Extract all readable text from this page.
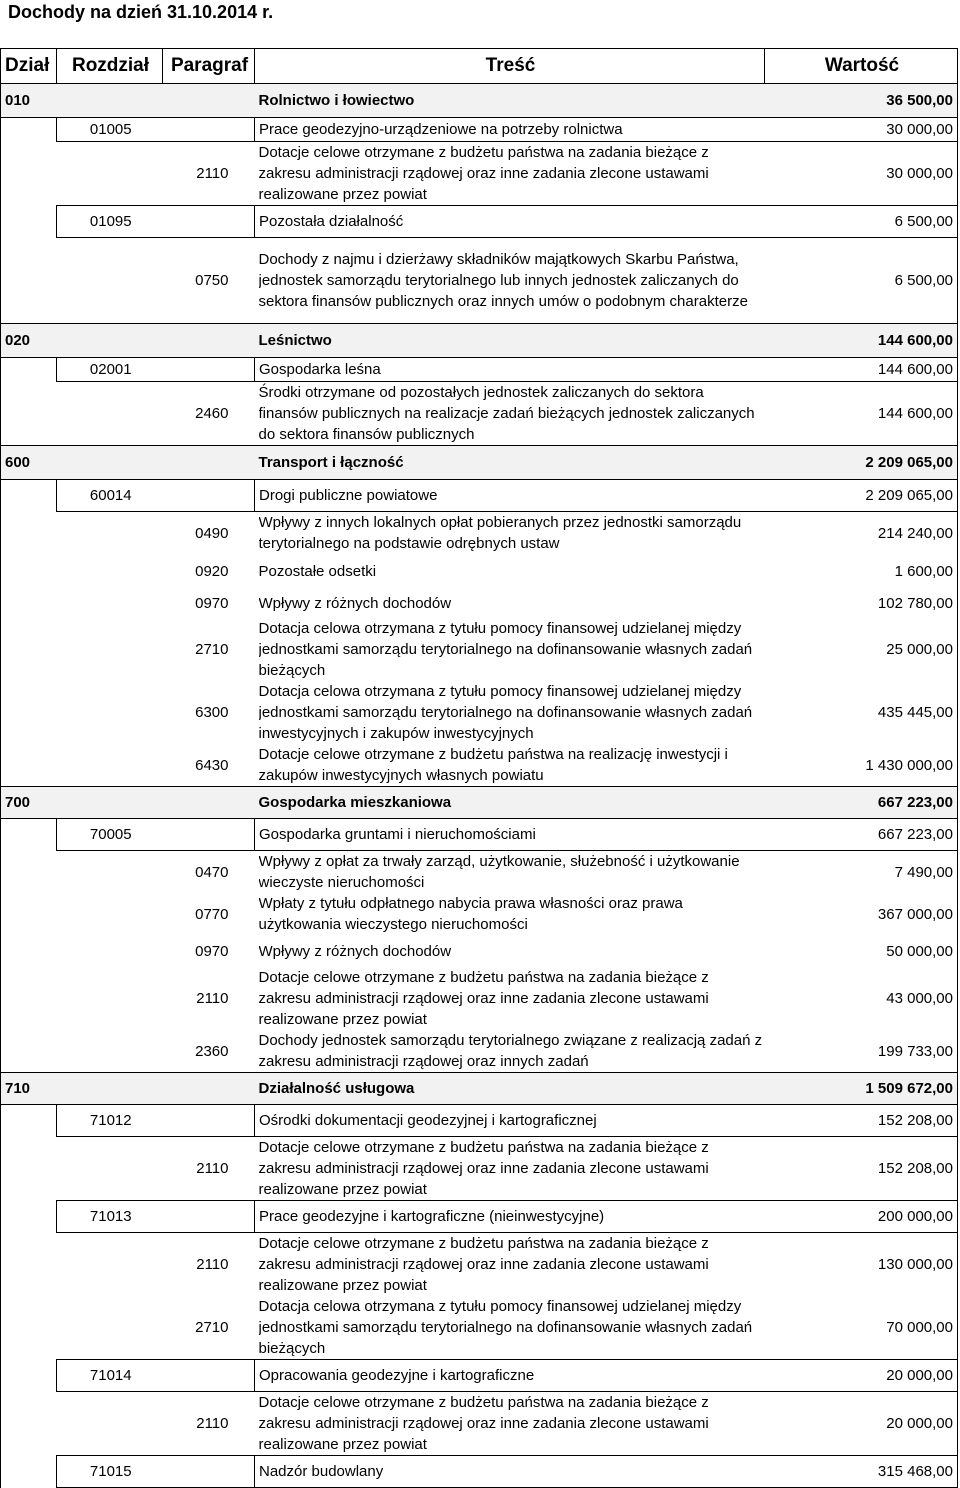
Dochody na dzień 31.10.2014 r.
Dział	Rozdział	Paragraf	Treść	Wartość
010			Rolnictwo i łowiectwo	36 500,00
	01005		Prace geodezyjno-urządzeniowe na potrzeby rolnictwa	30 000,00
		2110	Dotacje celowe otrzymane z budżetu państwa na zadania bieżące z zakresu administracji rządowej oraz inne zadania zlecone ustawami realizowane przez powiat	30 000,00
	01095		Pozostała działalność	6 500,00
		0750	Dochody z najmu i dzierżawy składników majątkowych Skarbu Państwa, jednostek samorządu terytorialnego lub innych jednostek zaliczanych do sektora finansów publicznych oraz innych umów o podobnym charakterze	6 500,00
020			Leśnictwo	144 600,00
	02001		Gospodarka leśna	144 600,00
		2460	Środki otrzymane od pozostałych jednostek zaliczanych do sektora finansów publicznych na realizacje zadań bieżących jednostek zaliczanych do sektora finansów publicznych	144 600,00
600			Transport i łączność	2 209 065,00
	60014		Drogi publiczne powiatowe	2 209 065,00
		0490	Wpływy z innych lokalnych opłat pobieranych przez jednostki samorządu terytorialnego na podstawie odrębnych ustaw	214 240,00
		0920	Pozostałe odsetki	1 600,00
		0970	Wpływy z różnych dochodów	102 780,00
		2710	Dotacja celowa otrzymana z tytułu pomocy finansowej udzielanej między jednostkami samorządu terytorialnego na dofinansowanie własnych zadań bieżących	25 000,00
		6300	Dotacja celowa otrzymana z tytułu pomocy finansowej udzielanej między jednostkami samorządu terytorialnego na dofinansowanie własnych zadań inwestycyjnych i zakupów inwestycyjnych	435 445,00
		6430	Dotacje celowe otrzymane z budżetu państwa na realizację inwestycji i zakupów inwestycyjnych własnych powiatu	1 430 000,00
700			Gospodarka mieszkaniowa	667 223,00
	70005		Gospodarka gruntami i nieruchomościami	667 223,00
		0470	Wpływy z opłat za trwały zarząd, użytkowanie, służebność i użytkowanie wieczyste nieruchomości	7 490,00
		0770	Wpłaty z tytułu odpłatnego nabycia prawa własności oraz prawa użytkowania wieczystego nieruchomości	367 000,00
		0970	Wpływy z różnych dochodów	50 000,00
		2110	Dotacje celowe otrzymane z budżetu państwa na zadania bieżące z zakresu administracji rządowej oraz inne zadania zlecone ustawami realizowane przez powiat	43 000,00
		2360	Dochody jednostek samorządu terytorialnego związane z realizacją zadań z zakresu administracji rządowej oraz innych zadań	199 733,00
710			Działalność usługowa	1 509 672,00
	71012		Ośrodki dokumentacji geodezyjnej i kartograficznej	152 208,00
		2110	Dotacje celowe otrzymane z budżetu państwa na zadania bieżące z zakresu administracji rządowej oraz inne zadania zlecone ustawami realizowane przez powiat	152 208,00
	71013		Prace geodezyjne i kartograficzne (nieinwestycyjne)	200 000,00
		2110	Dotacje celowe otrzymane z budżetu państwa na zadania bieżące z zakresu administracji rządowej oraz inne zadania zlecone ustawami realizowane przez powiat	130 000,00
		2710	Dotacja celowa otrzymana z tytułu pomocy finansowej udzielanej między jednostkami samorządu terytorialnego na dofinansowanie własnych zadań bieżących	70 000,00
	71014		Opracowania geodezyjne i kartograficzne	20 000,00
		2110	Dotacje celowe otrzymane z budżetu państwa na zadania bieżące z zakresu administracji rządowej oraz inne zadania zlecone ustawami realizowane przez powiat	20 000,00
	71015		Nadzór budowlany	315 468,00
